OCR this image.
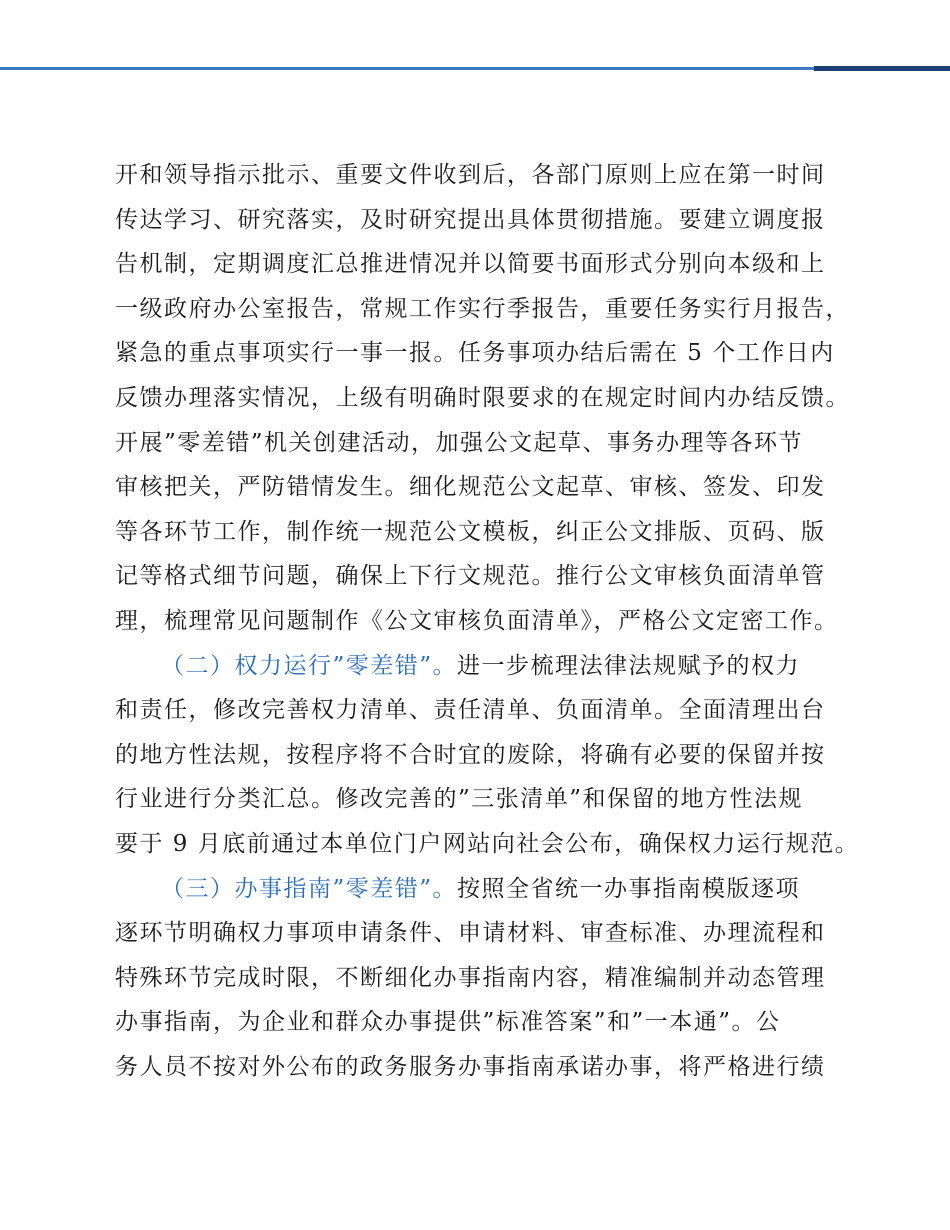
开和领导指示批示、重要文件收到后，各部门原则上应在第一时间
传达学习、研究落实，及时研究提出具体贯彻措施。要建立调度报
告机制，定期调度汇总推进情况并以简要书面形式分别向本级和上
一级政府办公室报告，常规工作实行季报告，重要任务实行月报告，
紧急的重点事项实行一事一报。任务事项办结后需在 5 个工作日内
反馈办理落实情况，上级有明确时限要求的在规定时间内办结反馈。
开展”零差错”机关创建活动，加强公文起草、事务办理等各环节
审核把关，严防错情发生。细化规范公文起草、审核、签发、印发
等各环节工作，制作统一规范公文模板，纠正公文排版、页码、版
记等格式细节问题，确保上下行文规范。推行公文审核负面清单管
理，梳理常见问题制作《公文审核负面清单》，严格公文定密工作。
（二）权力运行”零差错”。进一步梳理法律法规赋予的权力
和责任，修改完善权力清单、责任清单、负面清单。全面清理出台
的地方性法规，按程序将不合时宜的废除，将确有必要的保留并按
行业进行分类汇总。修改完善的”三张清单”和保留的地方性法规
要于 9 月底前通过本单位门户网站向社会公布，确保权力运行规范。
（三）办事指南”零差错”。按照全省统一办事指南模版逐项
逐环节明确权力事项申请条件、申请材料、审查标准、办理流程和
特殊环节完成时限，不断细化办事指南内容，精准编制并动态管理
办事指南，为企业和群众办事提供”标准答案”和”一本通”。公
务人员不按对外公布的政务服务办事指南承诺办事，将严格进行绩
